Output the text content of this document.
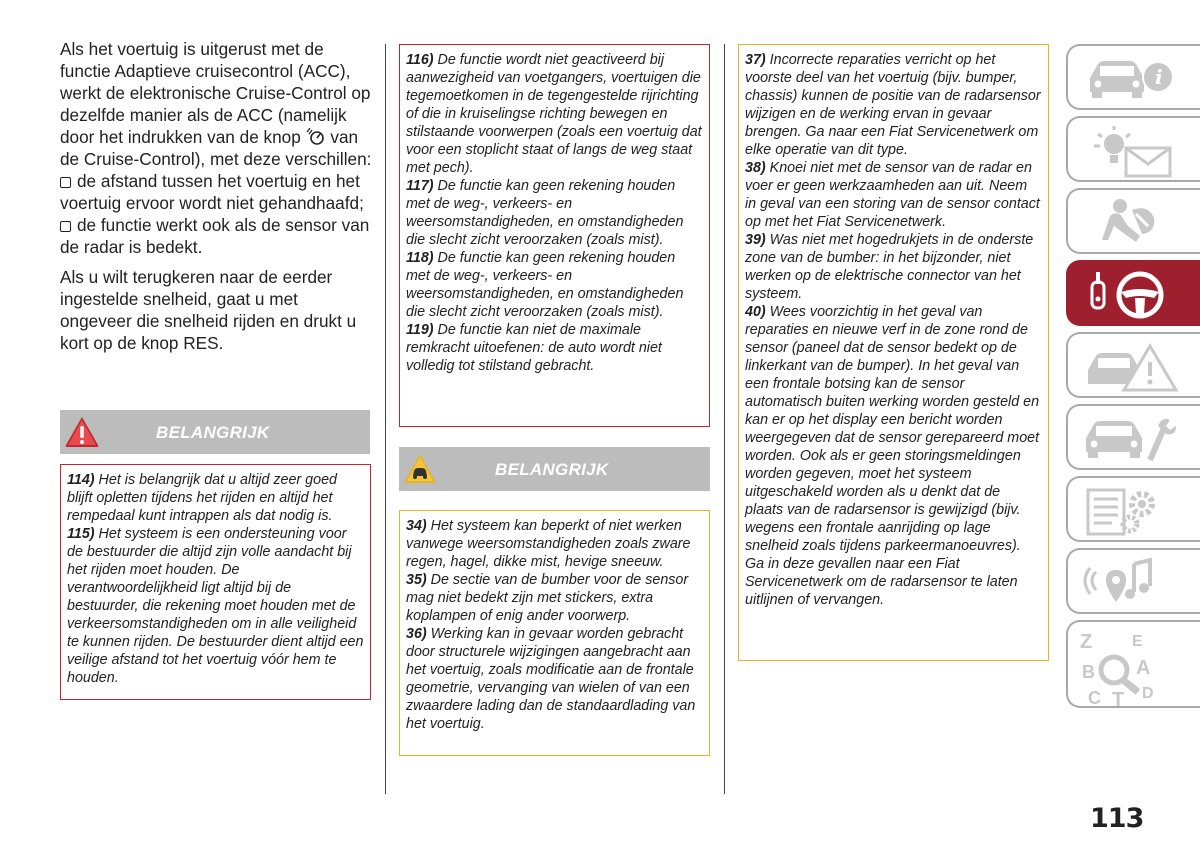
Als het voertuig is uitgerust met de functie Adaptieve cruisecontrol (ACC), werkt de elektronische Cruise-Control op dezelfde manier als de ACC (namelijk door het indrukken van de knop van de Cruise-Control), met deze verschillen:
de afstand tussen het voertuig en het voertuig ervoor wordt niet gehandhaafd;
de functie werkt ook als de sensor van de radar is bedekt.

Als u wilt terugkeren naar de eerder ingestelde snelheid, gaat u met ongeveer die snelheid rijden en drukt u kort op de knop RES.

BELANGRIJK
114) Het is belangrijk dat u altijd zeer goed blijft opletten tijdens het rijden en altijd het rempedaal kunt intrappen als dat nodig is.
115) Het systeem is een ondersteuning voor de bestuurder die altijd zijn volle aandacht bij het rijden moet houden. De verantwoordelijkheid ligt altijd bij de bestuurder, die rekening moet houden met de verkeersomstandigheden om in alle veiligheid te kunnen rijden. De bestuurder dient altijd een veilige afstand tot het voertuig vóór hem te houden.
116) De functie wordt niet geactiveerd bij aanwezigheid van voetgangers, voertuigen die tegemoetkomen in de tegengestelde rijrichting of die in kruiselingse richting bewegen en stilstaande voorwerpen (zoals een voertuig dat voor een stoplicht staat of langs de weg staat met pech).
117) De functie kan geen rekening houden met de weg-, verkeers- en weersomstandigheden, en omstandigheden die slecht zicht veroorzaken (zoals mist).
118) De functie kan geen rekening houden met de weg-, verkeers- en weersomstandigheden, en omstandigheden die slecht zicht veroorzaken (zoals mist).
119) De functie kan niet de maximale remkracht uitoefenen: de auto wordt niet volledig tot stilstand gebracht.
BELANGRIJK
34) Het systeem kan beperkt of niet werken vanwege weersomstandigheden zoals zware regen, hagel, dikke mist, hevige sneeuw.
35) De sectie van de bumber voor de sensor mag niet bedekt zijn met stickers, extra koplampen of enig ander voorwerp.
36) Werking kan in gevaar worden gebracht door structurele wijzigingen aangebracht aan het voertuig, zoals modificatie aan de frontale geometrie, vervanging van wielen of van een zwaardere lading dan de standaardlading van het voertuig.
37) Incorrecte reparaties verricht op het voorste deel van het voertuig (bijv. bumper, chassis) kunnen de positie van de radarsensor wijzigen en de werking ervan in gevaar brengen. Ga naar een Fiat Servicenetwerk om elke operatie van dit type.
38) Knoei niet met de sensor van de radar en voer er geen werkzaamheden aan uit. Neem in geval van een storing van de sensor contact op met het Fiat Servicenetwerk.
39) Was niet met hogedrukjets in de onderste zone van de bumber: in het bijzonder, niet werken op de elektrische connector van het systeem.
40) Wees voorzichtig in het geval van reparaties en nieuwe verf in de zone rond de sensor (paneel dat de sensor bedekt op de linkerkant van de bumper). In het geval van een frontale botsing kan de sensor automatisch buiten werking worden gesteld en kan er op het display een bericht worden weergegeven dat de sensor gerepareerd moet worden. Ook als er geen storingsmeldingen worden gegeven, moet het systeem uitgeschakeld worden als u denkt dat de plaats van de radarsensor is gewijzigd (bijv. wegens een frontale aanrijding op lage snelheid zoals tijdens parkeermanoeuvres). Ga in deze gevallen naar een Fiat Servicenetwerk om de radarsensor te laten uitlijnen of vervangen.
i
Z E
B A
C T D
113
